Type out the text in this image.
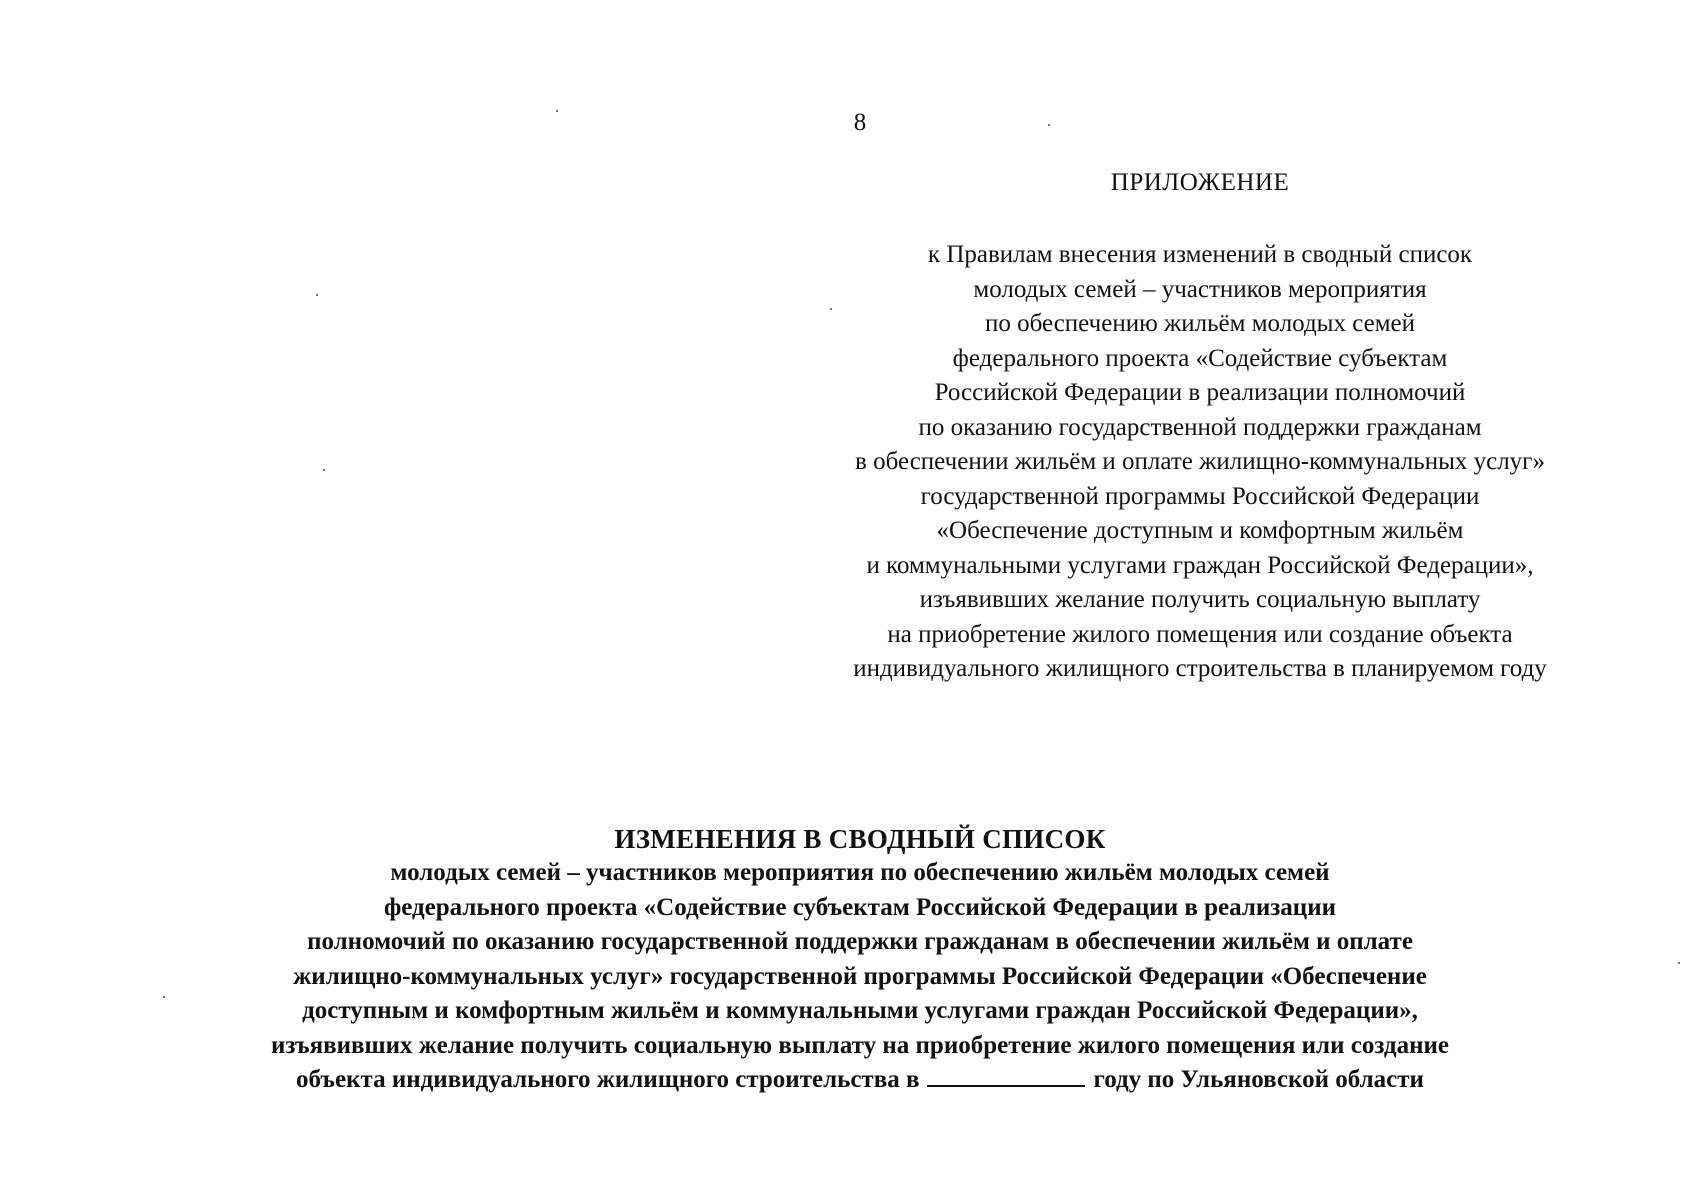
8
ПРИЛОЖЕНИЕ
к Правилам внесения изменений в сводный список
молодых семей – участников мероприятия
по обеспечению жильём молодых семей
федерального проекта «Содействие субъектам
Российской Федерации в реализации полномочий
по оказанию государственной поддержки гражданам
в обеспечении жильём и оплате жилищно-коммунальных услуг»
государственной программы Российской Федерации
«Обеспечение доступным и комфортным жильём
и коммунальными услугами граждан Российской Федерации»,
изъявивших желание получить социальную выплату
на приобретение жилого помещения или создание объекта
индивидуального жилищного строительства в планируемом году
ИЗМЕНЕНИЯ В СВОДНЫЙ СПИСОК
молодых семей – участников мероприятия по обеспечению жильём молодых семей
федерального проекта «Содействие субъектам Российской Федерации в реализации
полномочий по оказанию государственной поддержки гражданам в обеспечении жильём и оплате
жилищно-коммунальных услуг» государственной программы Российской Федерации «Обеспечение
доступным и комфортным жильём и коммунальными услугами граждан Российской Федерации»,
изъявивших желание получить социальную выплату на приобретение жилого помещения или создание
объекта индивидуального жилищного строительства в	году по Ульяновской области
